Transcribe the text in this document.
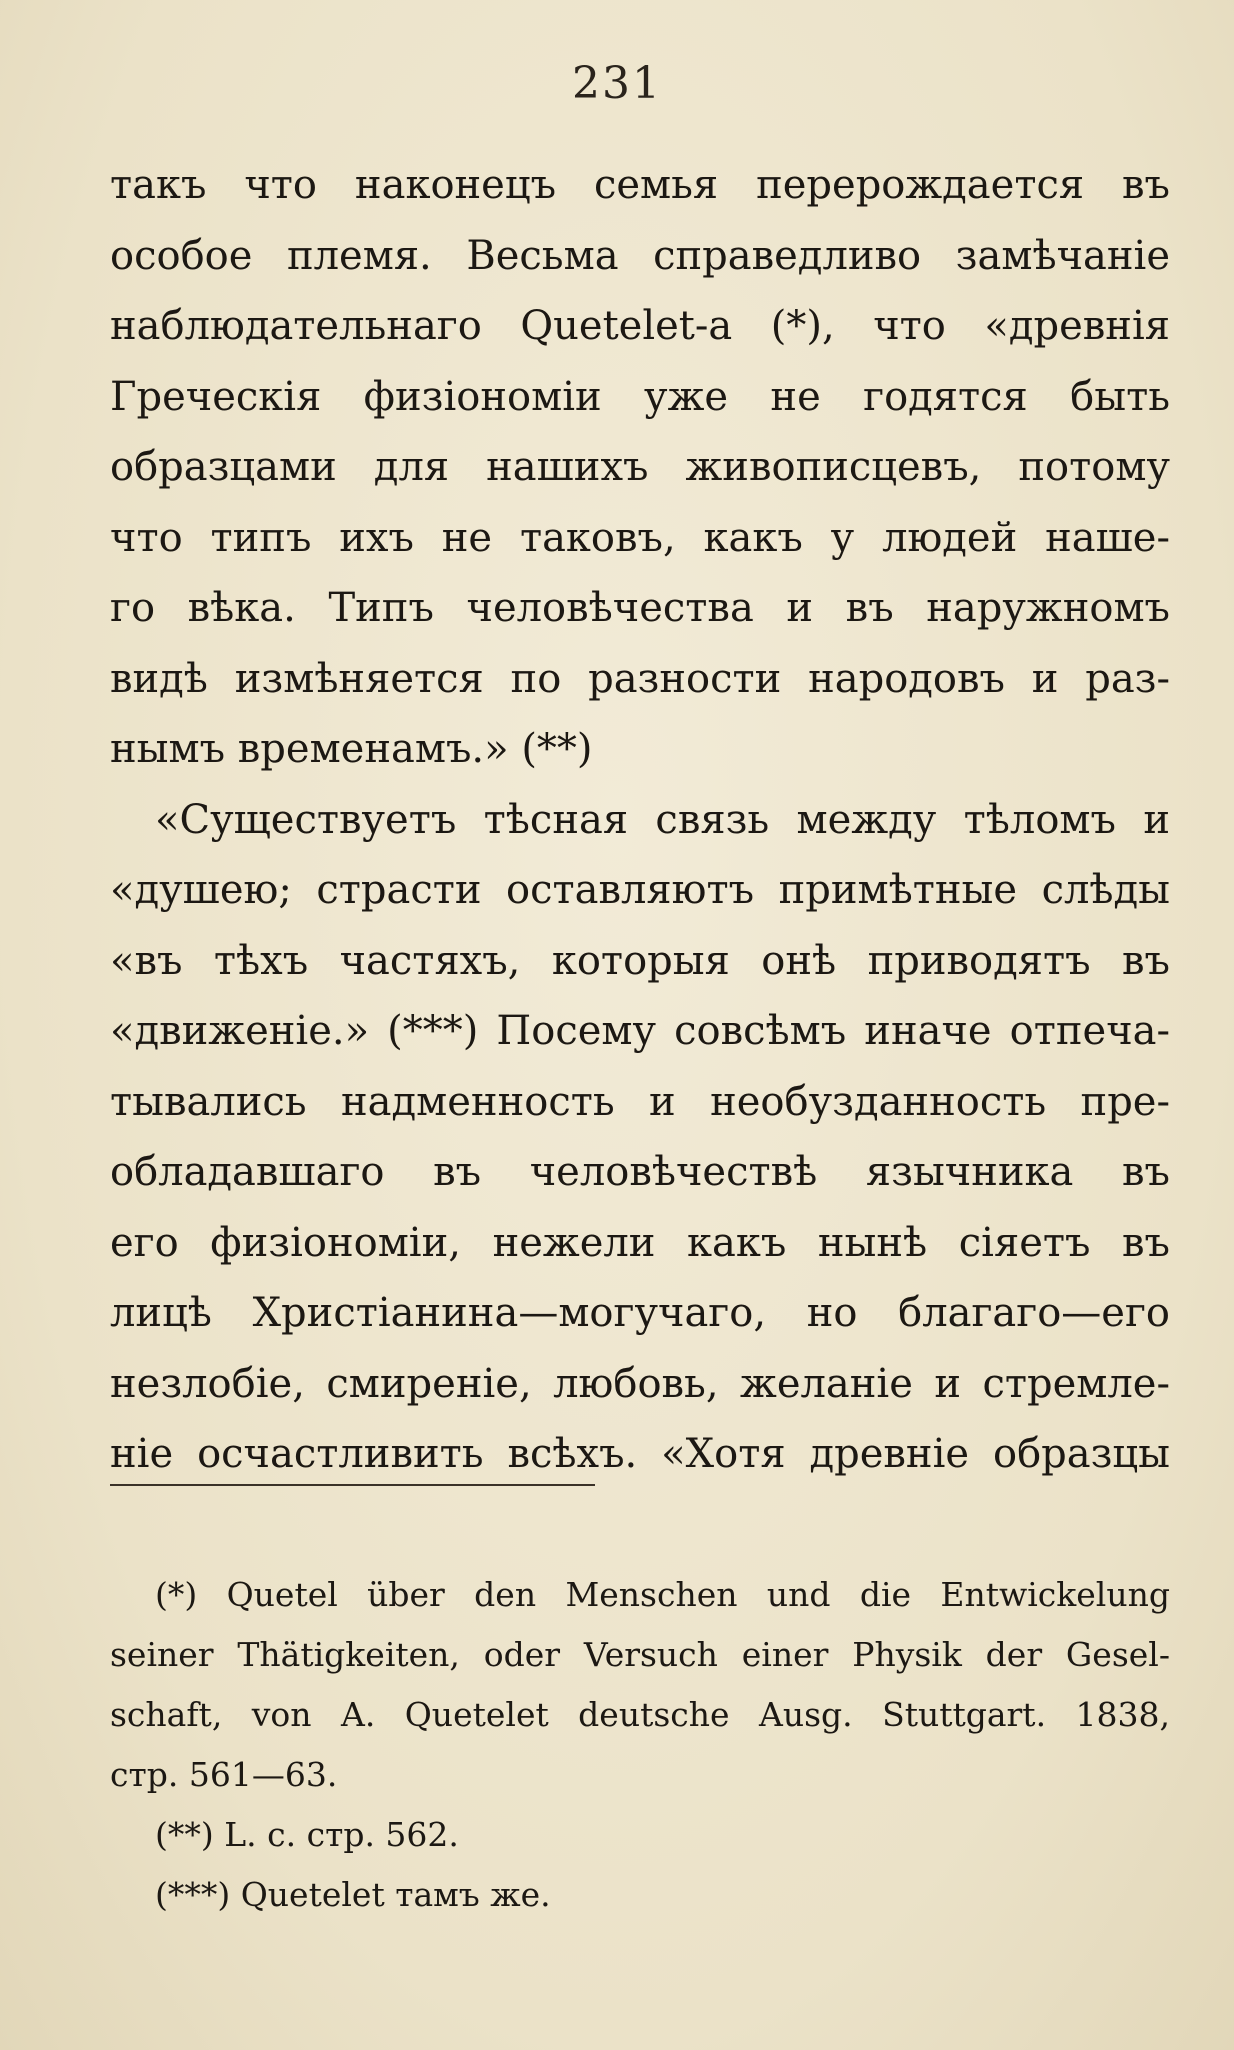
231
такъ что наконецъ семья перерождается въ
особое племя. Весьма справедливо замѣчаніе
наблюдательнаго Quetelet-а (*), что «древнія
Греческія физіономіи уже не годятся быть
образцами для нашихъ живописцевъ, потому
что типъ ихъ не таковъ, какъ у людей наше-
го вѣка. Типъ человѣчества и въ наружномъ
видѣ измѣняется по разности народовъ и раз-
нымъ временамъ.» (**)
«Существуетъ тѣсная связь между тѣломъ и
«душею; страсти оставляютъ примѣтные слѣды
«въ тѣхъ частяхъ, которыя онѣ приводятъ въ
«движеніе.» (***) Посему совсѣмъ иначе отпеча-
тывались надменность и необузданность пре-
обладавшаго въ человѣчествѣ язычника въ
его физіономіи, нежели какъ нынѣ сіяетъ въ
лицѣ Христіанина—могучаго, но благаго—его
незлобіе, смиреніе, любовь, желаніе и стремле-
ніе осчастливить всѣхъ. «Хотя древніе образцы
(*) Quetel über den Menschen und die Entwickelung
seiner Thätigkeiten, oder Versuch einer Physik der Gesel-
schaft, von A. Quetelet deutsche Ausg. Stuttgart. 1838,
стр. 561—63.
(**) L. c. стр. 562.
(***) Quetelet тамъ же.
